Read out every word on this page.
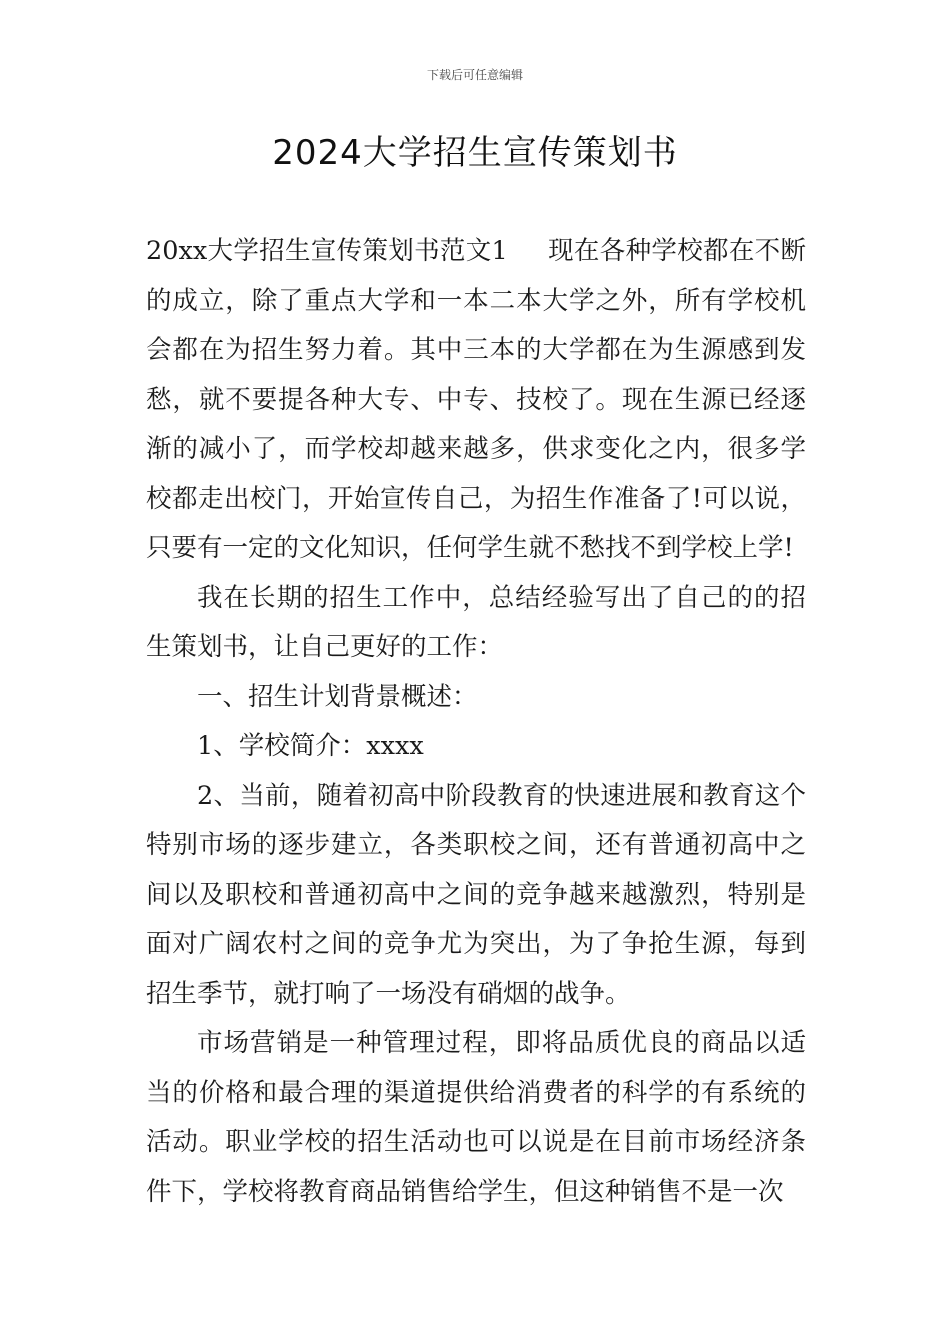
下载后可任意编辑
2024大学招生宣传策划书

20xx大学招生宣传策划书范文1 现在各种学校都在不断的成立，除了重点大学和一本二本大学之外，所有学校机会都在为招生努力着。其中三本的大学都在为生源感到发愁，就不要提各种大专、中专、技校了。现在生源已经逐渐的减小了，而学校却越来越多，供求变化之内，很多学校都走出校门，开始宣传自己，为招生作准备了!可以说，只要有一定的文化知识，任何学生就不愁找不到学校上学!

我在长期的招生工作中，总结经验写出了自己的的招生策划书，让自己更好的工作：

一、招生计划背景概述：

1、学校简介：xxxx

2、当前，随着初高中阶段教育的快速进展和教育这个特别市场的逐步建立，各类职校之间，还有普通初高中之间以及职校和普通初高中之间的竞争越来越激烈，特别是面对广阔农村之间的竞争尤为突出，为了争抢生源，每到招生季节，就打响了一场没有硝烟的战争。

市场营销是一种管理过程，即将品质优良的商品以适当的价格和最合理的渠道提供给消费者的科学的有系统的活动。职业学校的招生活动也可以说是在目前市场经济条件下，学校将教育商品销售给学生，但这种销售不是一次
